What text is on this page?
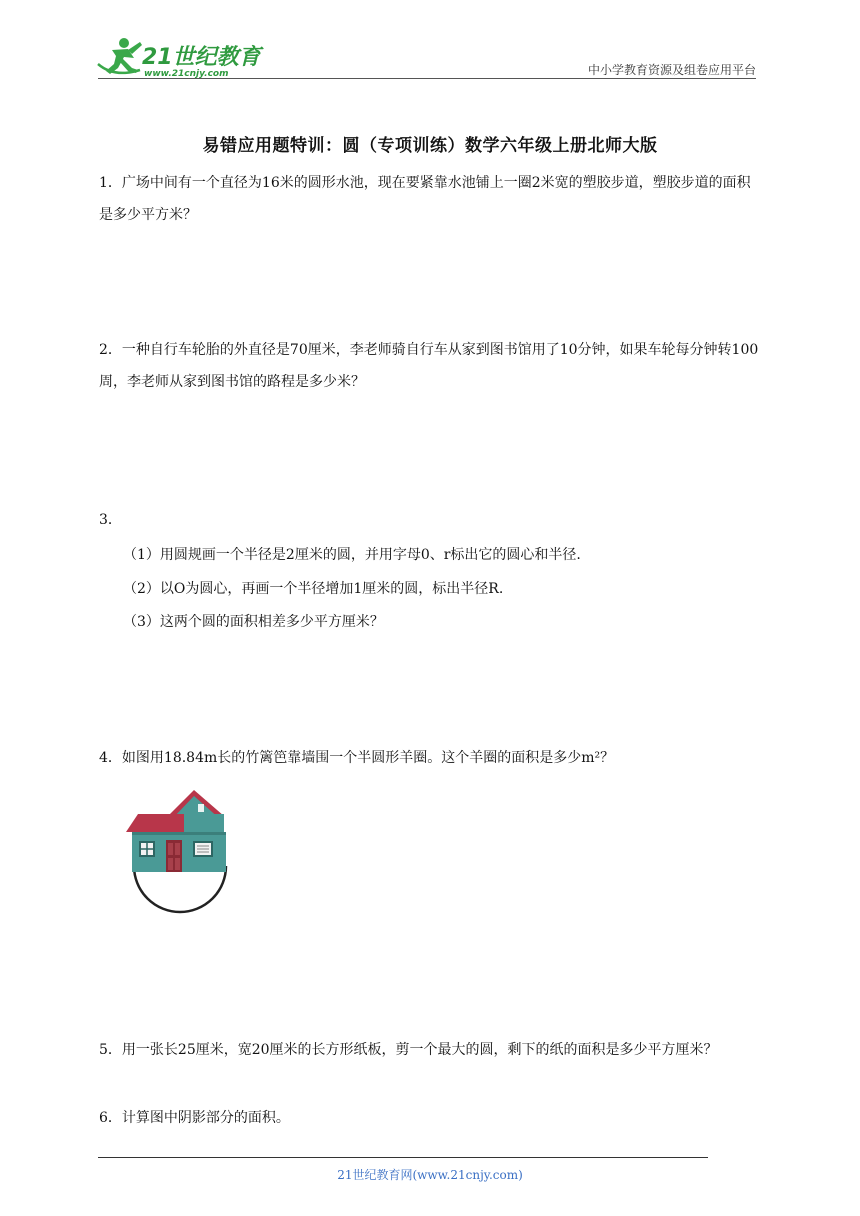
21世纪教育
www.21cnjy.com	中小学教育资源及组卷应用平台
易错应用题特训：圆（专项训练）数学六年级上册北师大版
1．广场中间有一个直径为16米的圆形水池，现在要紧靠水池铺上一圈2米宽的塑胶步道，塑胶步道的面积是多少平方米？
2．一种自行车轮胎的外直径是70厘米，李老师骑自行车从家到图书馆用了10分钟，如果车轮每分钟转100周，李老师从家到图书馆的路程是多少米？
3．
（1）用圆规画一个半径是2厘米的圆，并用字母0、r标出它的圆心和半径.
（2）以O为圆心，再画一个半径增加1厘米的圆，标出半径R.
（3）这两个圆的面积相差多少平方厘米？
4．如图用18.84m长的竹篱笆靠墙围一个半圆形羊圈。这个羊圈的面积是多少m²？
5．用一张长25厘米，宽20厘米的长方形纸板，剪一个最大的圆，剩下的纸的面积是多少平方厘米？
6．计算图中阴影部分的面积。
21世纪教育网(www.21cnjy.com)
